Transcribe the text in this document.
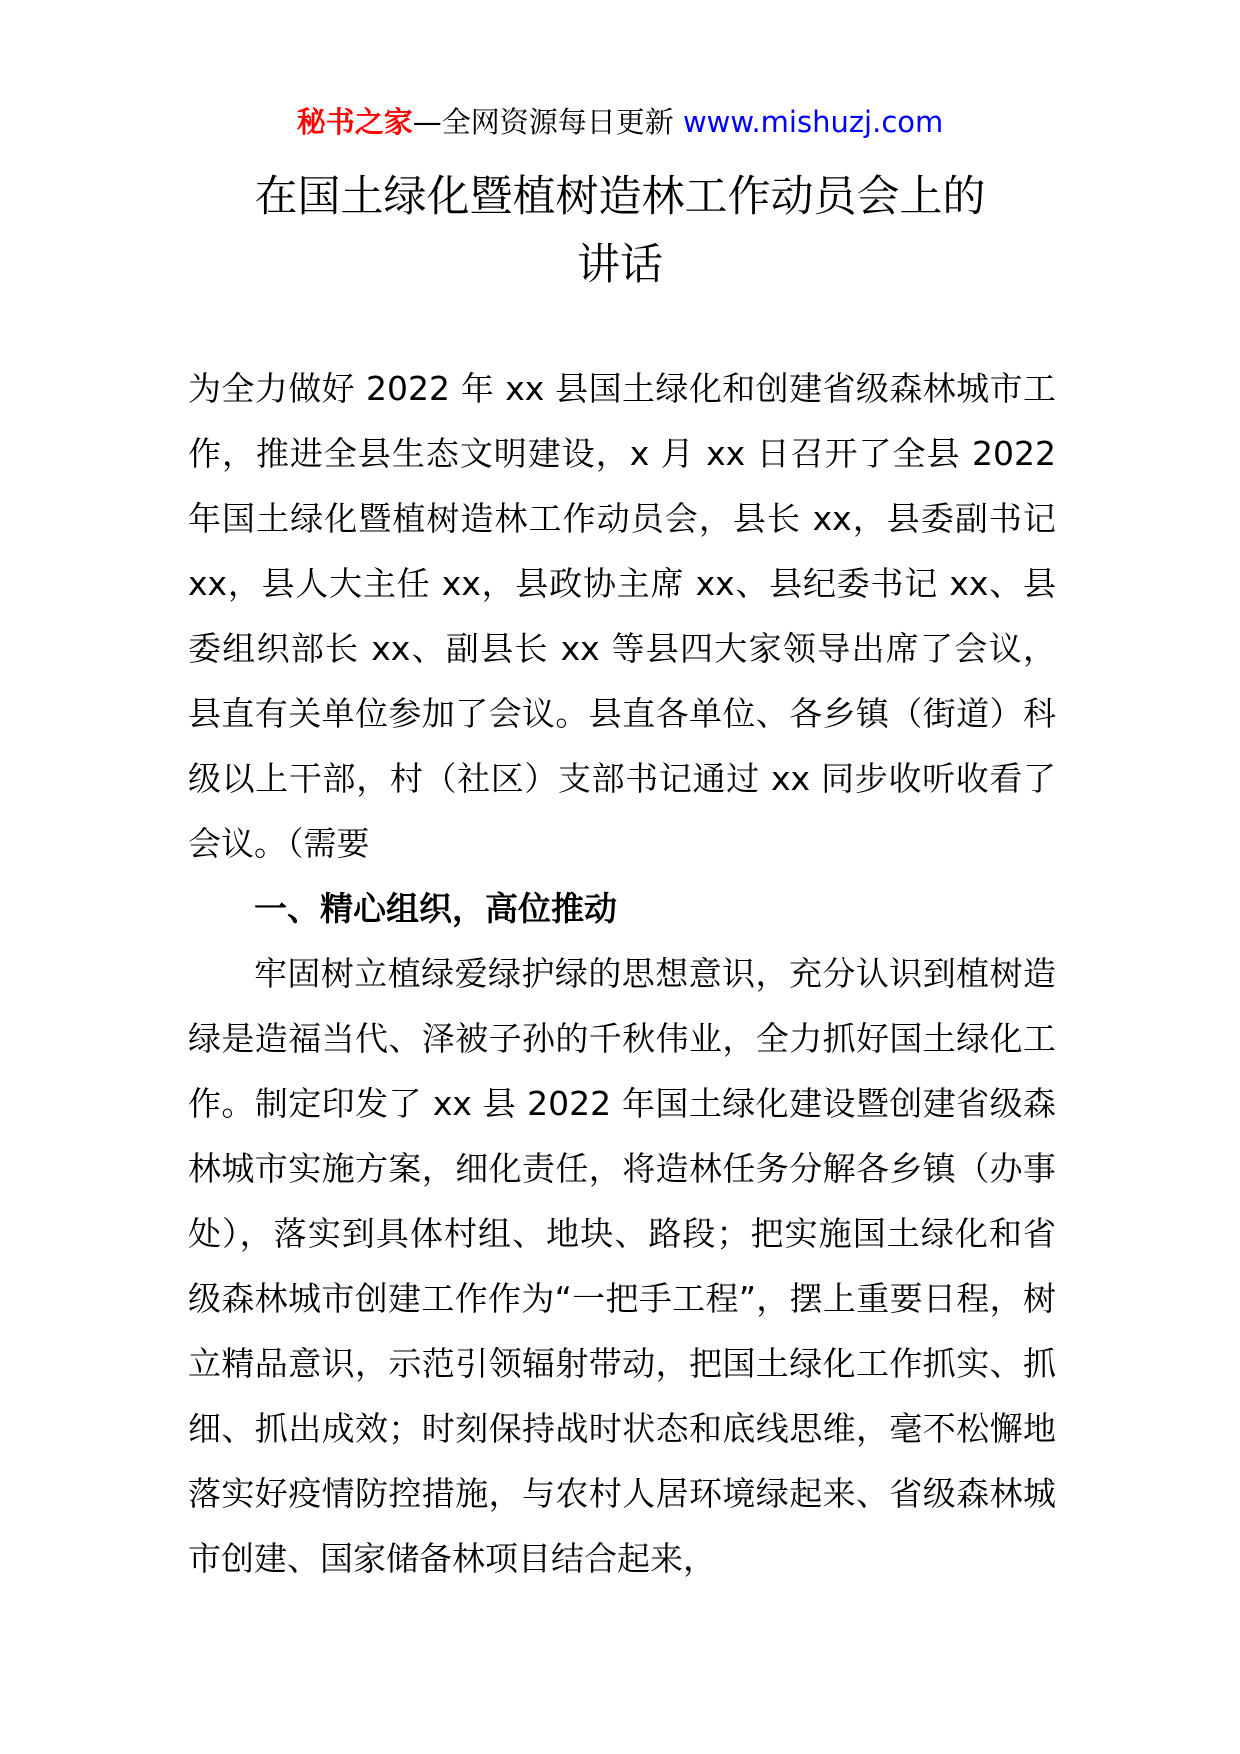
秘书之家—全网资源每日更新 www.mishuzj.com
在国土绿化暨植树造林工作动员会上的
讲话

为全力做好 2022 年 xx 县国土绿化和创建省级森林城市工作，推进全县生态文明建设，x 月 xx 日召开了全县 2022 年国土绿化暨植树造林工作动员会，县长 xx，县委副书记 xx，县人大主任 xx，县政协主席 xx、县纪委书记 xx、县委组织部长 xx、副县长 xx 等县四大家领导出席了会议，县直有关单位参加了会议。县直各单位、各乡镇（街道）科级以上干部，村（社区）支部书记通过 xx 同步收听收看了会议。（需要

一、精心组织，高位推动

牢固树立植绿爱绿护绿的思想意识，充分认识到植树造绿是造福当代、泽被子孙的千秋伟业，全力抓好国土绿化工作。制定印发了 xx 县 2022 年国土绿化建设暨创建省级森林城市实施方案，细化责任，将造林任务分解各乡镇（办事处），落实到具体村组、地块、路段；把实施国土绿化和省级森林城市创建工作作为“一把手工程”，摆上重要日程，树立精品意识，示范引领辐射带动，把国土绿化工作抓实、抓细、抓出成效；时刻保持战时状态和底线思维，毫不松懈地落实好疫情防控措施，与农村人居环境绿起来、省级森林城市创建、国家储备林项目结合起来，
